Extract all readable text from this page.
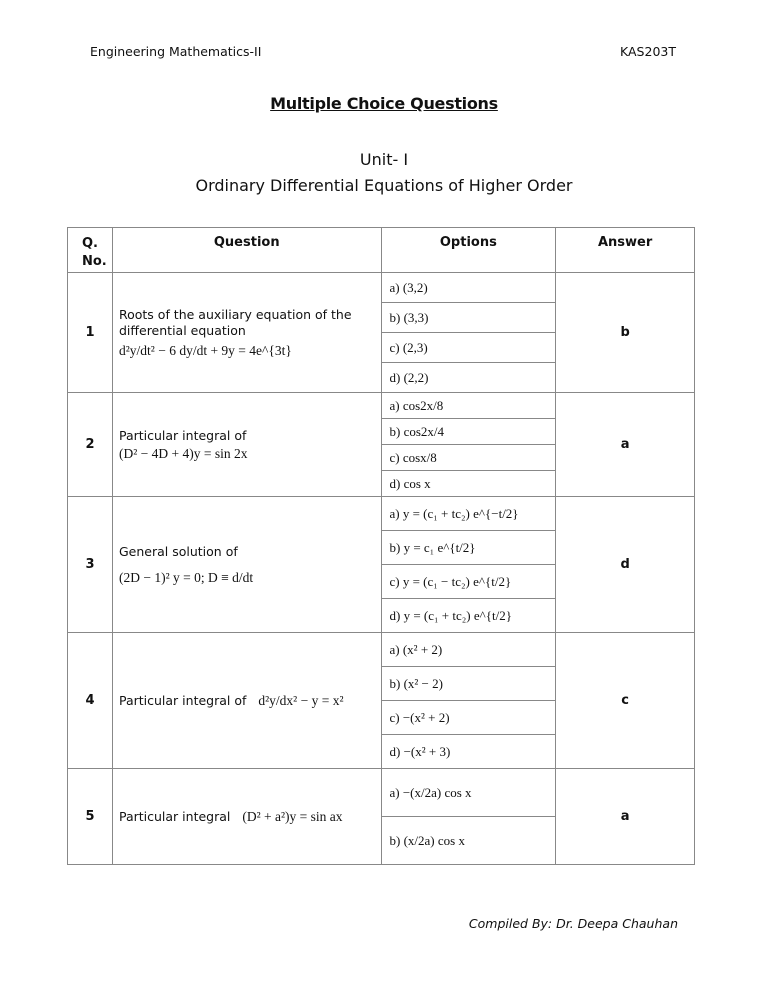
Engineering Mathematics-II	KAS203T
Multiple Choice Questions
Unit- I
Ordinary Differential Equations of Higher Order
Q. No.	Question	Options	Answer
1	Roots of the auxiliary equation of the differential equation
d²y/dt² − 6 dy/dt + 9y = 4e^{3t}	a) (3,2)	b
		b) (3,3)	
		c) (2,3)	
		d) (2,2)	
2	Particular integral of
(D² − 4D + 4)y = sin 2x	a) cos2x/8	a
		b) cos2x/4	
		c) cosx/8	
		d) cos x	
3	General solution of
(2D − 1)² y = 0; D ≡ d/dt	a) y = (c₁ + tc₂) e^{−t/2}	d
		b) y = c₁ e^{t/2}	
		c) y = (c₁ − tc₂) e^{t/2}	
		d) y = (c₁ + tc₂) e^{t/2}	
4	Particular integral of d²y/dx² − y = x²	a) (x² + 2)	c
		b) (x² − 2)	
		c) −(x² + 2)	
		d) −(x² + 3)	
5	Particular integral (D² + a²)y = sin ax	a) −(x/2a) cos x	a
		b) (x/2a) cos x	
Compiled By: Dr. Deepa Chauhan
